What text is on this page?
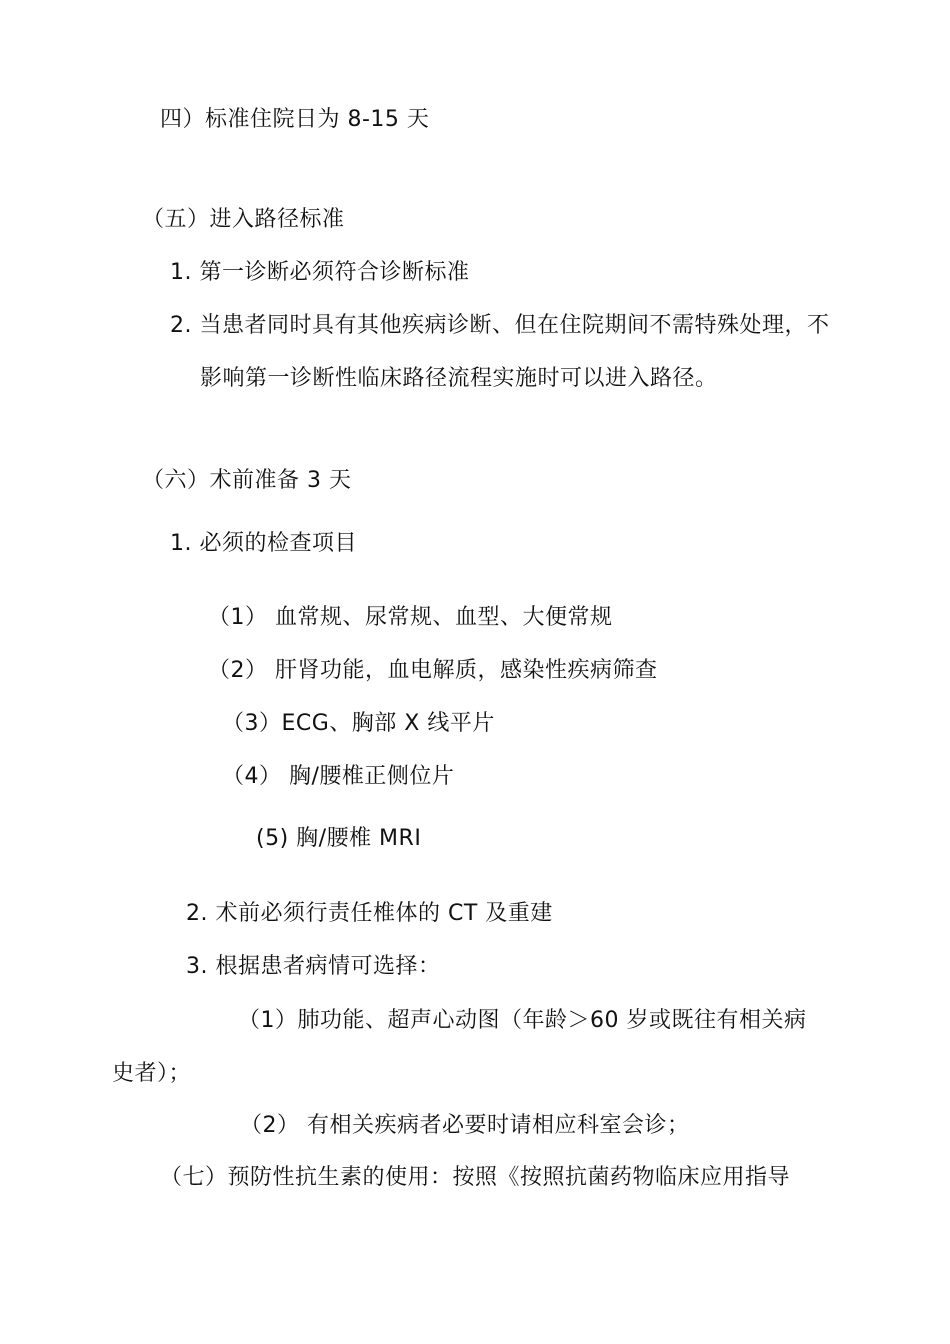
四）标准住院日为 8-15 天
（五）进入路径标准
1. 第一诊断必须符合诊断标准
2. 当患者同时具有其他疾病诊断、但在住院期间不需特殊处理，不
影响第一诊断性临床路径流程实施时可以进入路径。
（六）术前准备 3 天
1. 必须的检查项目
（1） 血常规、尿常规、血型、大便常规
（2） 肝肾功能，血电解质，感染性疾病筛查
（3）ECG、胸部 X 线平片
（4） 胸/腰椎正侧位片
(5) 胸/腰椎 MRI
2. 术前必须行责任椎体的 CT 及重建
3. 根据患者病情可选择：
（1）肺功能、超声心动图（年龄＞60 岁或既往有相关病
史者）；
（2） 有相关疾病者必要时请相应科室会诊；
（七）预防性抗生素的使用：按照《按照抗菌药物临床应用指导
